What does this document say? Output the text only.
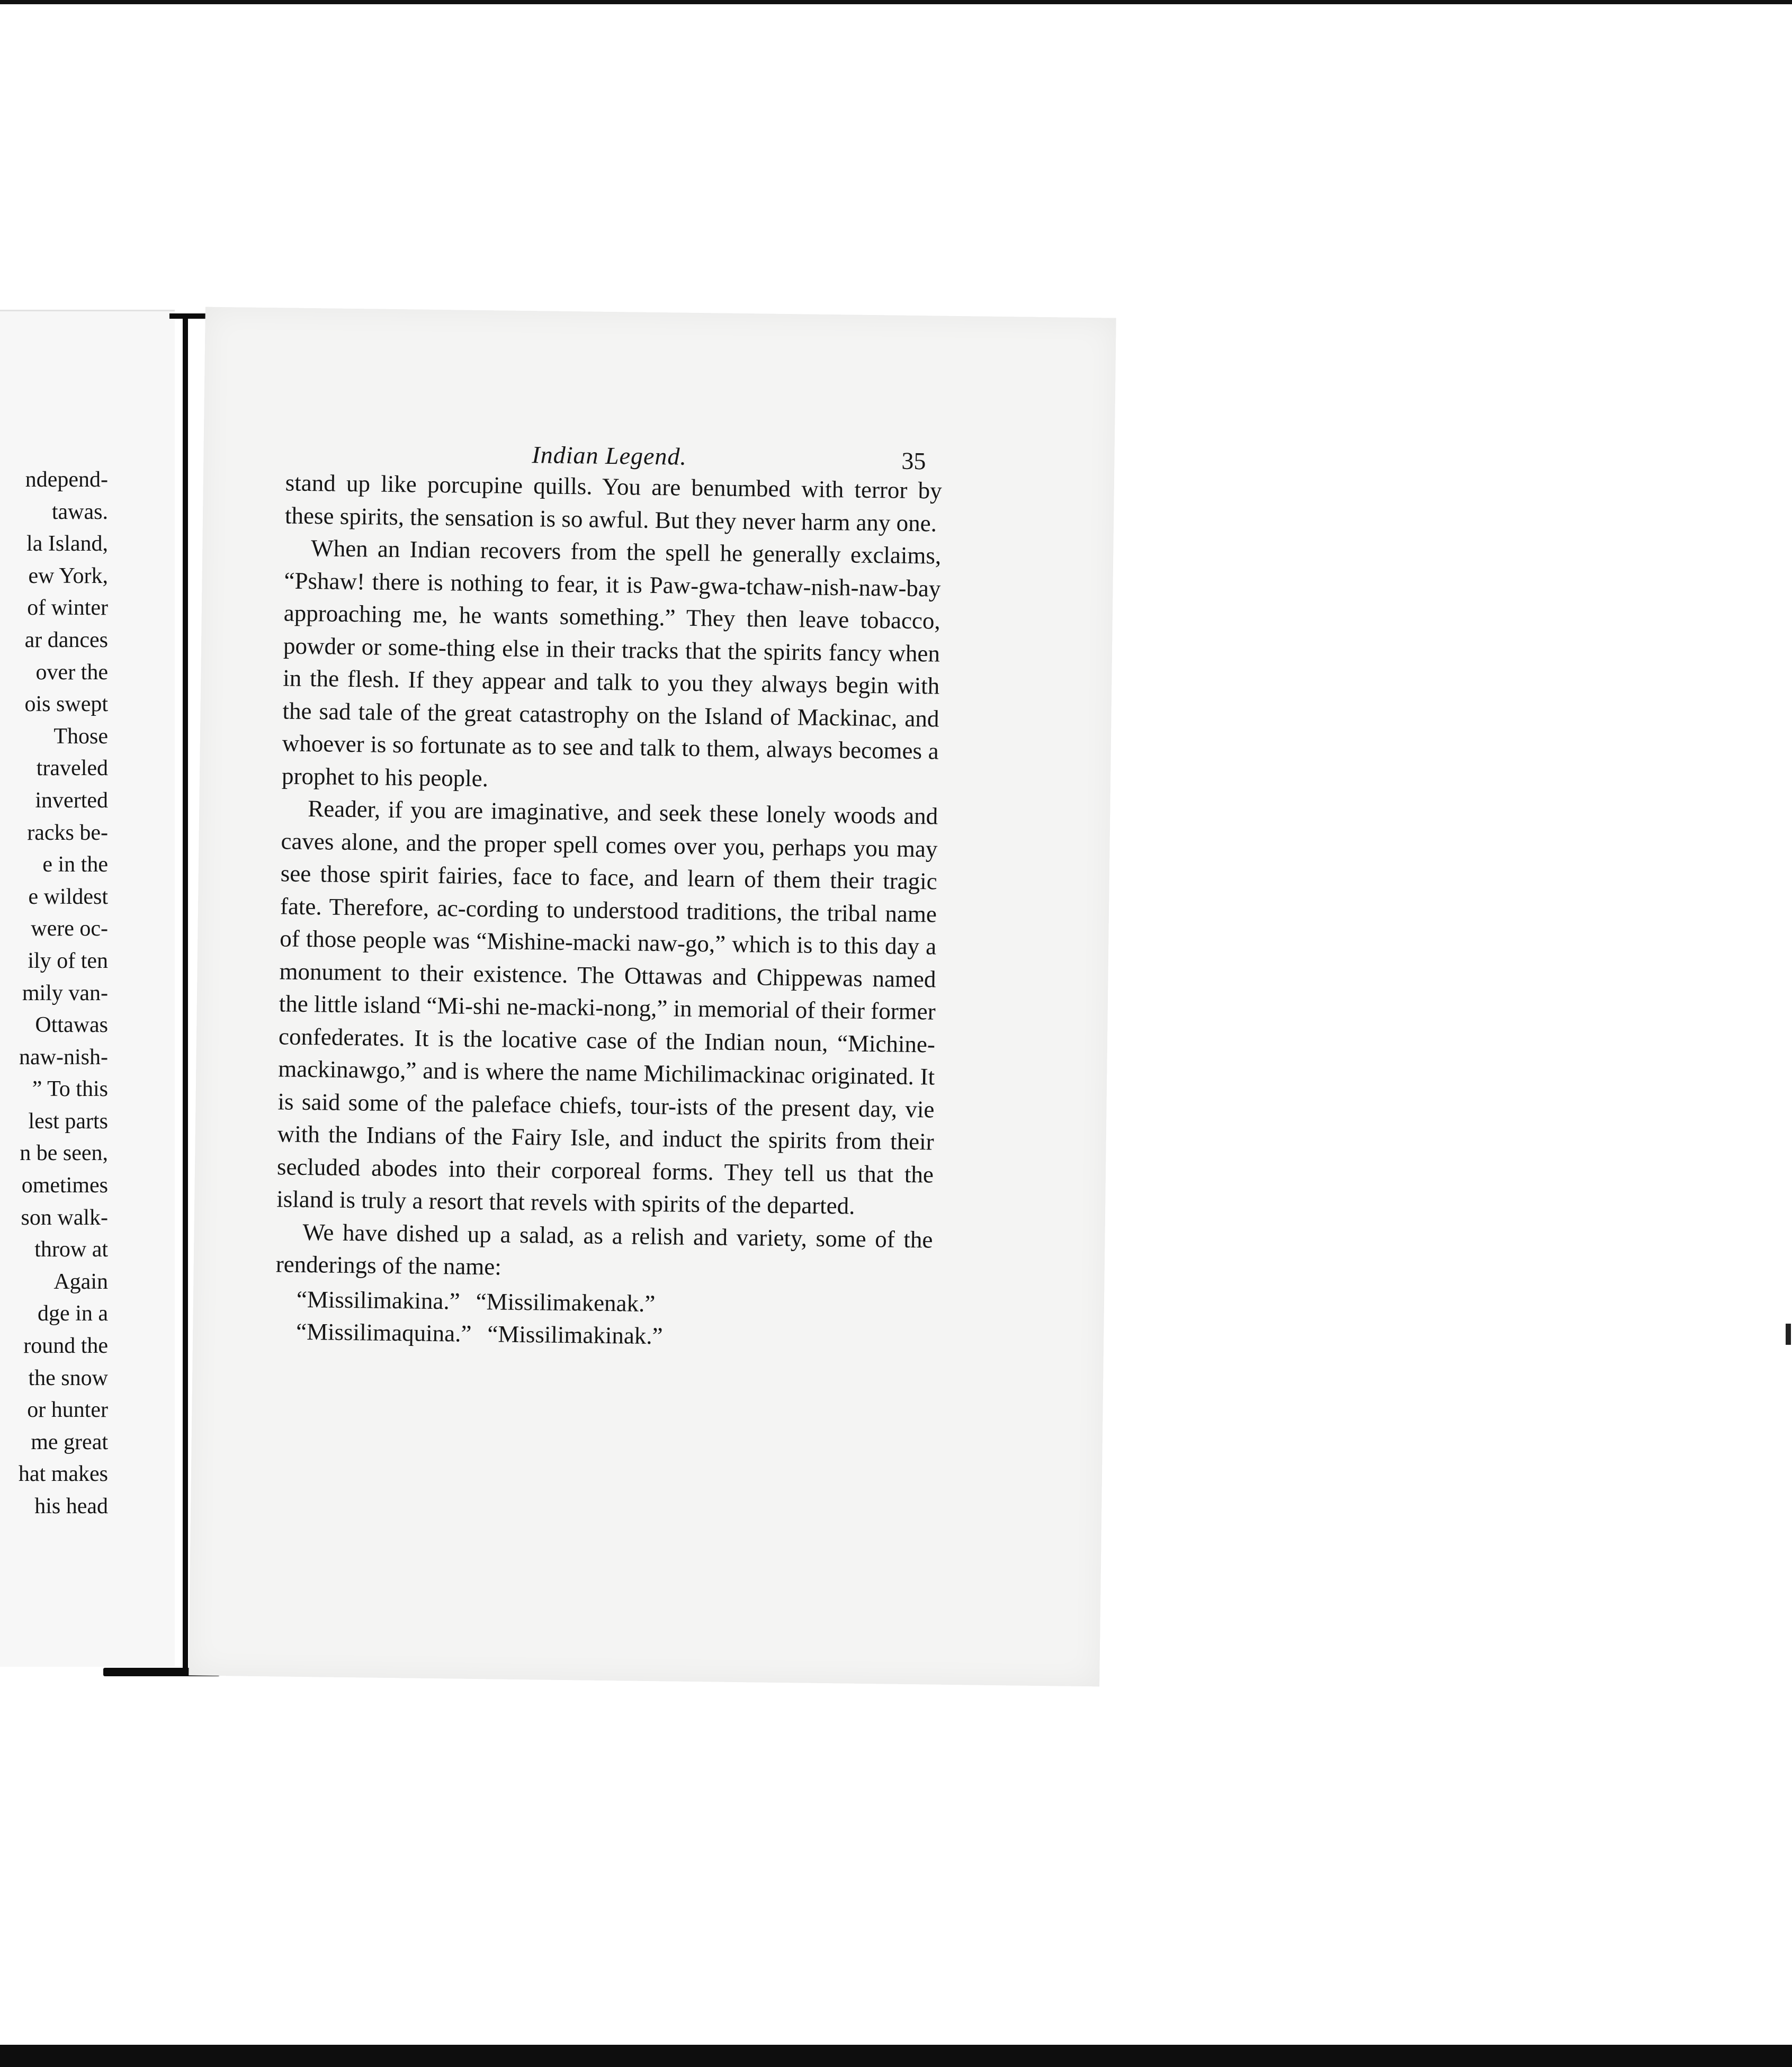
ndepend-
tawas.
la Island,
ew York,
of winter
ar dances
over the
ois swept
Those
traveled
inverted
racks be-
e in the
e wildest
were oc-
ily of ten
mily van-
Ottawas
naw-nish-
” To this
lest parts
n be seen,
ometimes
son walk-
throw at
Again
dge in a
round the
the snow
or hunter
me great
hat makes
his head
Indian Legend.	35

stand up like porcupine quills. You are benumbed with terror by these spirits, the sensation is so awful. But they never harm any one.

When an Indian recovers from the spell he generally exclaims, “Pshaw! there is nothing to fear, it is Paw-gwa-tchaw-nish-naw-bay approaching me, he wants something.” They then leave tobacco, powder or some-thing else in their tracks that the spirits fancy when in the flesh. If they appear and talk to you they always begin with the sad tale of the great catastrophy on the Island of Mackinac, and whoever is so fortunate as to see and talk to them, always becomes a prophet to his people.

Reader, if you are imaginative, and seek these lonely woods and caves alone, and the proper spell comes over you, perhaps you may see those spirit fairies, face to face, and learn of them their tragic fate. Therefore, ac-cording to understood traditions, the tribal name of those people was “Mishine-macki naw-go,” which is to this day a monument to their existence. The Ottawas and Chippewas named the little island “Mi-shi ne-macki-nong,” in memorial of their former confederates. It is the locative case of the Indian noun, “Michine-mackinawgo,” and is where the name Michilimackinac originated. It is said some of the paleface chiefs, tour-ists of the present day, vie with the Indians of the Fairy Isle, and induct the spirits from their secluded abodes into their corporeal forms. They tell us that the island is truly a resort that revels with spirits of the departed.

We have dished up a salad, as a relish and variety, some of the renderings of the name:

“Missilimakina.” “Missilimakenak.”
“Missilimaquina.” “Missilimakinak.”
